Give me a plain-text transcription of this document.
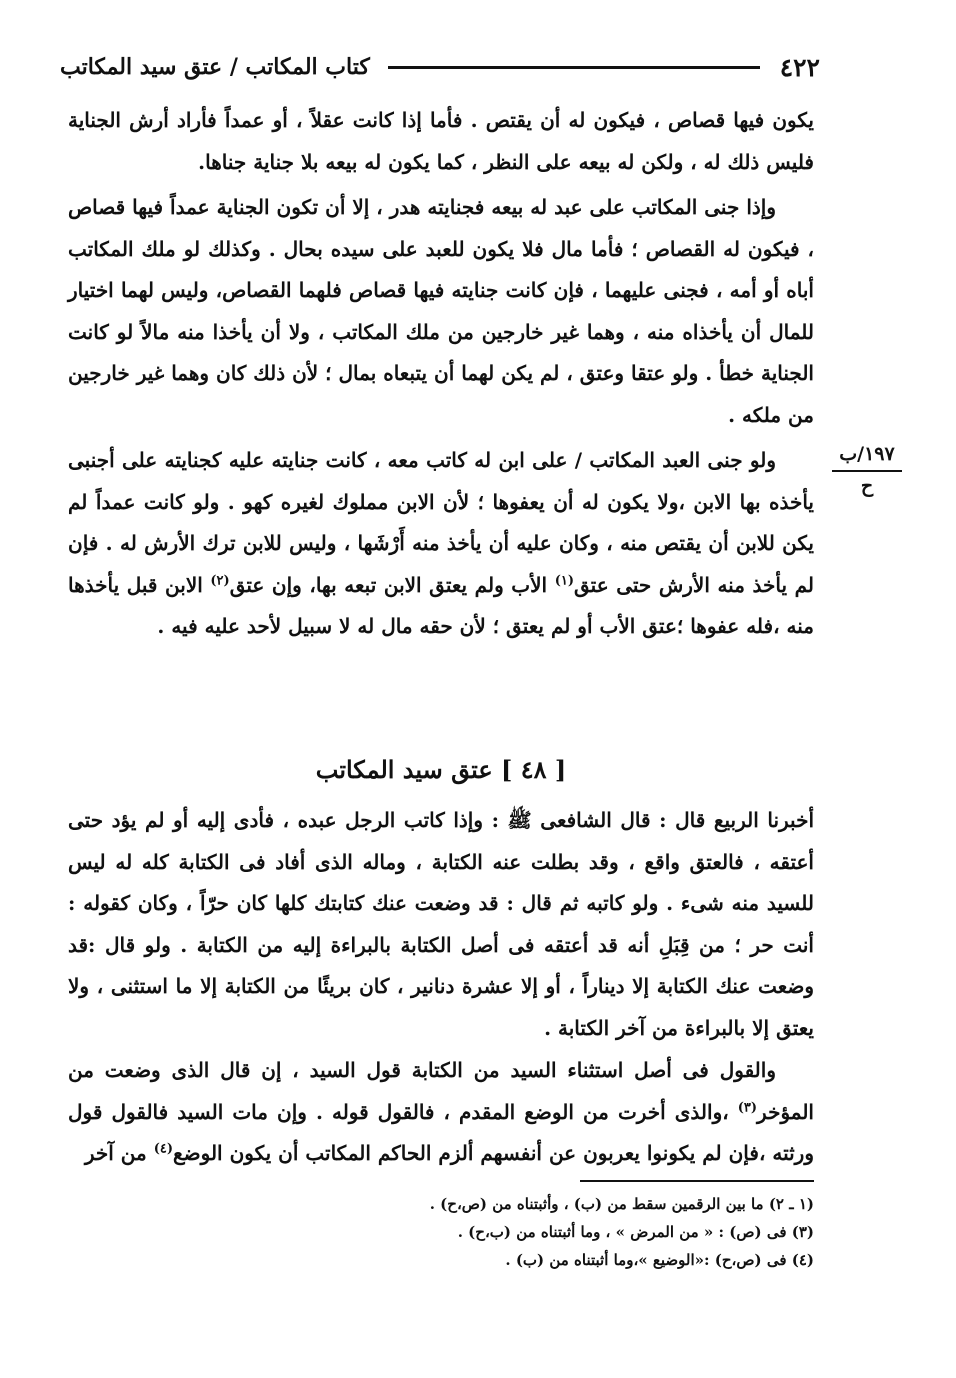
٤٢٢
كتاب المكاتب / عتق سيد المكاتب

يكون فيها قصاص ، فيكون له أن يقتص . فأما إذا كانت عقلاً ، أو عمداً فأراد أرش الجناية فليس ذلك له ، ولكن له بيعه على النظر ، كما يكون له بيعه بلا جناية جناها.

وإذا جنى المكاتب على عبد له بيعه فجنايته هدر ، إلا أن تكون الجناية عمداً فيها قصاص ، فيكون له القصاص ؛ فأما مال فلا يكون للعبد على سيده بحال . وكذلك لو ملك المكاتب أباه أو أمه ، فجنى عليهما ، فإن كانت جنايته فيها قصاص فلهما القصاص، وليس لهما اختيار للمال أن يأخذاه منه ، وهما غير خارجين من ملك المكاتب ، ولا أن يأخذا منه مالاً لو كانت الجناية خطأ . ولو عتقا وعتق ، لم يكن لهما أن يتبعاه بمال ؛ لأن ذلك كان وهما غير خارجين من ملكه .

ولو جنى العبد المكاتب / على ابن له كاتب معه ، كانت جنايته عليه كجنايته على أجنبى يأخذه بها الابن ،ولا يكون له أن يعفوها ؛ لأن الابن مملوك لغيره كهو . ولو كانت عمداً لم يكن للابن أن يقتص منه ، وكان عليه أن يأخذ منه أَرْشَها ، وليس للابن ترك الأرش له . فإن لم يأخذ منه الأرش حتى عتق$^{(١)}$ الأب ولم يعتق الابن تبعه بها، وإن عتق$^{(٢)}$ الابن قبل يأخذها منه ،فله عفوها ؛عتق الأب أو لم يعتق ؛ لأن حقه مال له لا سبيل لأحد عليه فيه .

١٩٧/ب
ح
[ ٤٨ ] عتق سيد المكاتب

أخبرنا الربيع قال : قال الشافعى ﷺ : وإذا كاتب الرجل عبده ، فأدى إليه أو لم يؤد حتى أعتقه ، فالعتق واقع ، وقد بطلت عنه الكتابة ، وماله الذى أفاد فى الكتابة كله له ليس للسيد منه شىء . ولو كاتبه ثم قال : قد وضعت عنك كتابتك كلها كان حرّاً ، وكان كقوله : أنت حر ؛ من قِبَلِ أنه قد أعتقه فى أصل الكتابة بالبراءة إليه من الكتابة . ولو قال :قد وضعت عنك الكتابة إلا ديناراً ، أو إلا عشرة دنانير ، كان بريئًا من الكتابة إلا ما استثنى ، ولا يعتق إلا بالبراءة من آخر الكتابة .

والقول فى أصل استثناء السيد من الكتابة قول السيد ، إن قال الذى وضعت من المؤخر$^{(٣)}$ ،والذى أخرت من الوضع المقدم ، فالقول قوله . وإن مات السيد فالقول قول ورثته ،فإن لم يكونوا يعربون عن أنفسهم ألزم الحاكم المكاتب أن يكون الوضع$^{(٤)}$ من آخر

(١ ـ ٢) ما بين الرقمين سقط من (ب) ، وأثبتناه من (ص،ح) .
(٣) فى (ص) : « من المرض » ، وما أثبتناه من (ب،ح) .
(٤) فى (ص،ح) :«الوضيع »،وما أثبتناه من (ب) .
